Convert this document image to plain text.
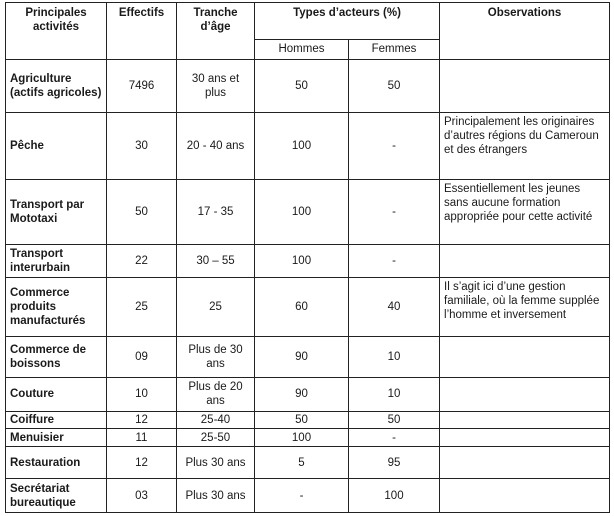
Principales activités	Effectifs	Tranche d’âge	Types d’acteurs (%)		Observations
			Hommes	Femmes	
Agriculture (actifs agricoles)	7496	30 ans et plus	50	50	
Pêche	30	20 - 40 ans	100	-	Principalement les originaires d’autres régions du Cameroun et des étrangers
Transport par Mototaxi	50	17 - 35	100	-	Essentiellement les jeunes sans aucune formation appropriée pour cette activité
Transport interurbain	22	30 – 55	100	-	
Commerce produits manufacturés	25	25	60	40	Il s’agit ici d’une gestion familiale, où la femme supplée l’homme et inversement
Commerce de boissons	09	Plus de 30 ans	90	10	
Couture	10	Plus de 20 ans	90	10	
Coiffure	12	25-40	50	50	
Menuisier	11	25-50	100	-	
Restauration	12	Plus 30 ans	5	95	
Secrétariat bureautique	03	Plus 30 ans	-	100	
